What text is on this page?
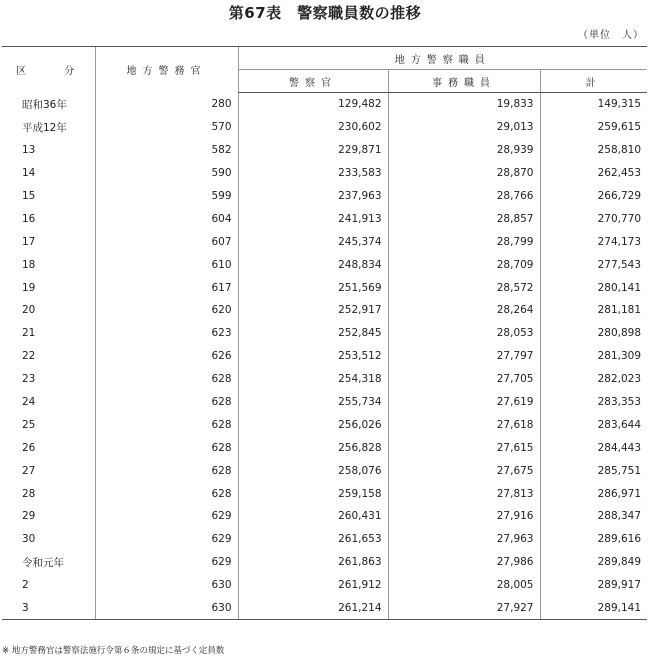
第67表　警察職員数の推移
（単位　人）
区　　分	地方警務官	地方警察職員		
		警察官	事務職員	計
昭和36年	280	129,482	19,833	149,315
平成12年	570	230,602	29,013	259,615
13	582	229,871	28,939	258,810
14	590	233,583	28,870	262,453
15	599	237,963	28,766	266,729
16	604	241,913	28,857	270,770
17	607	245,374	28,799	274,173
18	610	248,834	28,709	277,543
19	617	251,569	28,572	280,141
20	620	252,917	28,264	281,181
21	623	252,845	28,053	280,898
22	626	253,512	27,797	281,309
23	628	254,318	27,705	282,023
24	628	255,734	27,619	283,353
25	628	256,026	27,618	283,644
26	628	256,828	27,615	284,443
27	628	258,076	27,675	285,751
28	628	259,158	27,813	286,971
29	629	260,431	27,916	288,347
30	629	261,653	27,963	289,616
令和元年	629	261,863	27,986	289,849
2	630	261,912	28,005	289,917
3	630	261,214	27,927	289,141
※ 地方警務官は警察法施行令第６条の規定に基づく定員数
